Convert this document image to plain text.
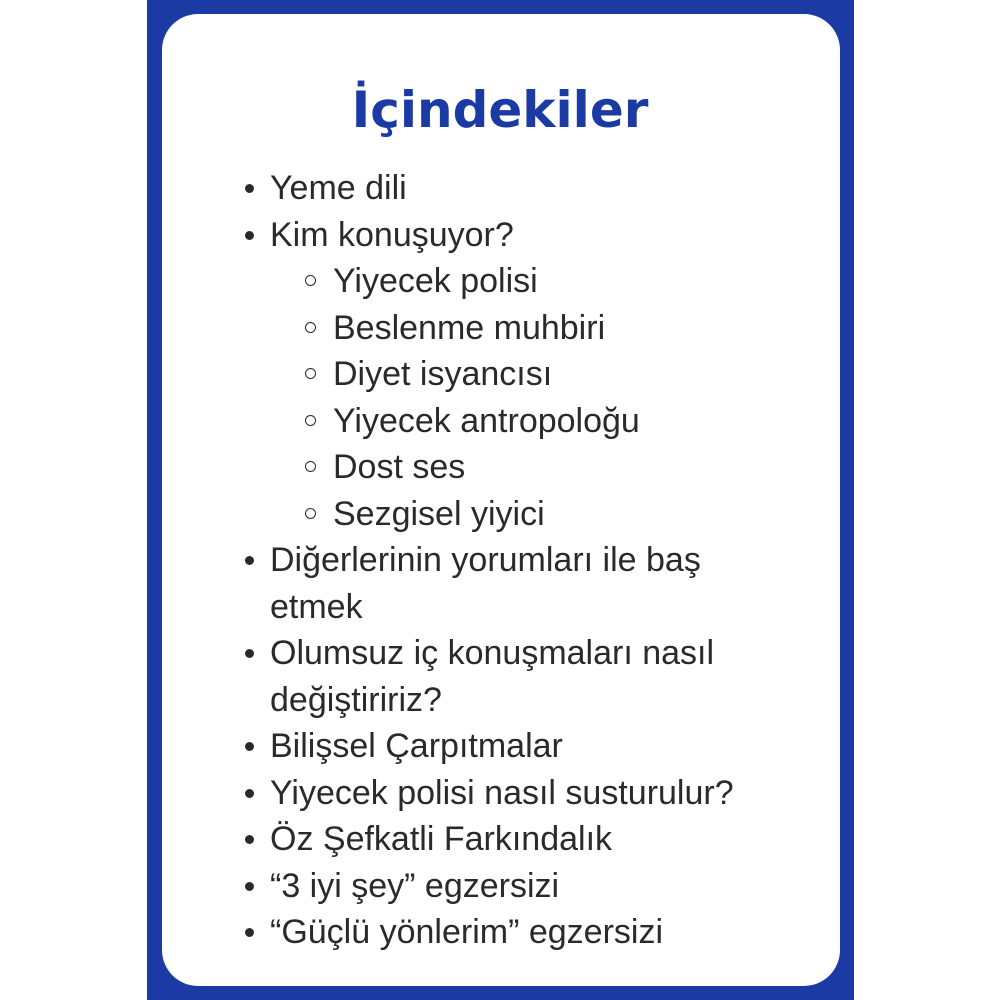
İçindekiler
Yeme dili
Kim konuşuyor?
Yiyecek polisi
Beslenme muhbiri
Diyet isyancısı
Yiyecek antropoloğu
Dost ses
Sezgisel yiyici
Diğerlerinin yorumları ile baş etmek
Olumsuz iç konuşmaları nasıl değiştiririz?
Bilişsel Çarpıtmalar
Yiyecek polisi nasıl susturulur?
Öz Şefkatli Farkındalık
“3 iyi şey” egzersizi
“Güçlü yönlerim” egzersizi
